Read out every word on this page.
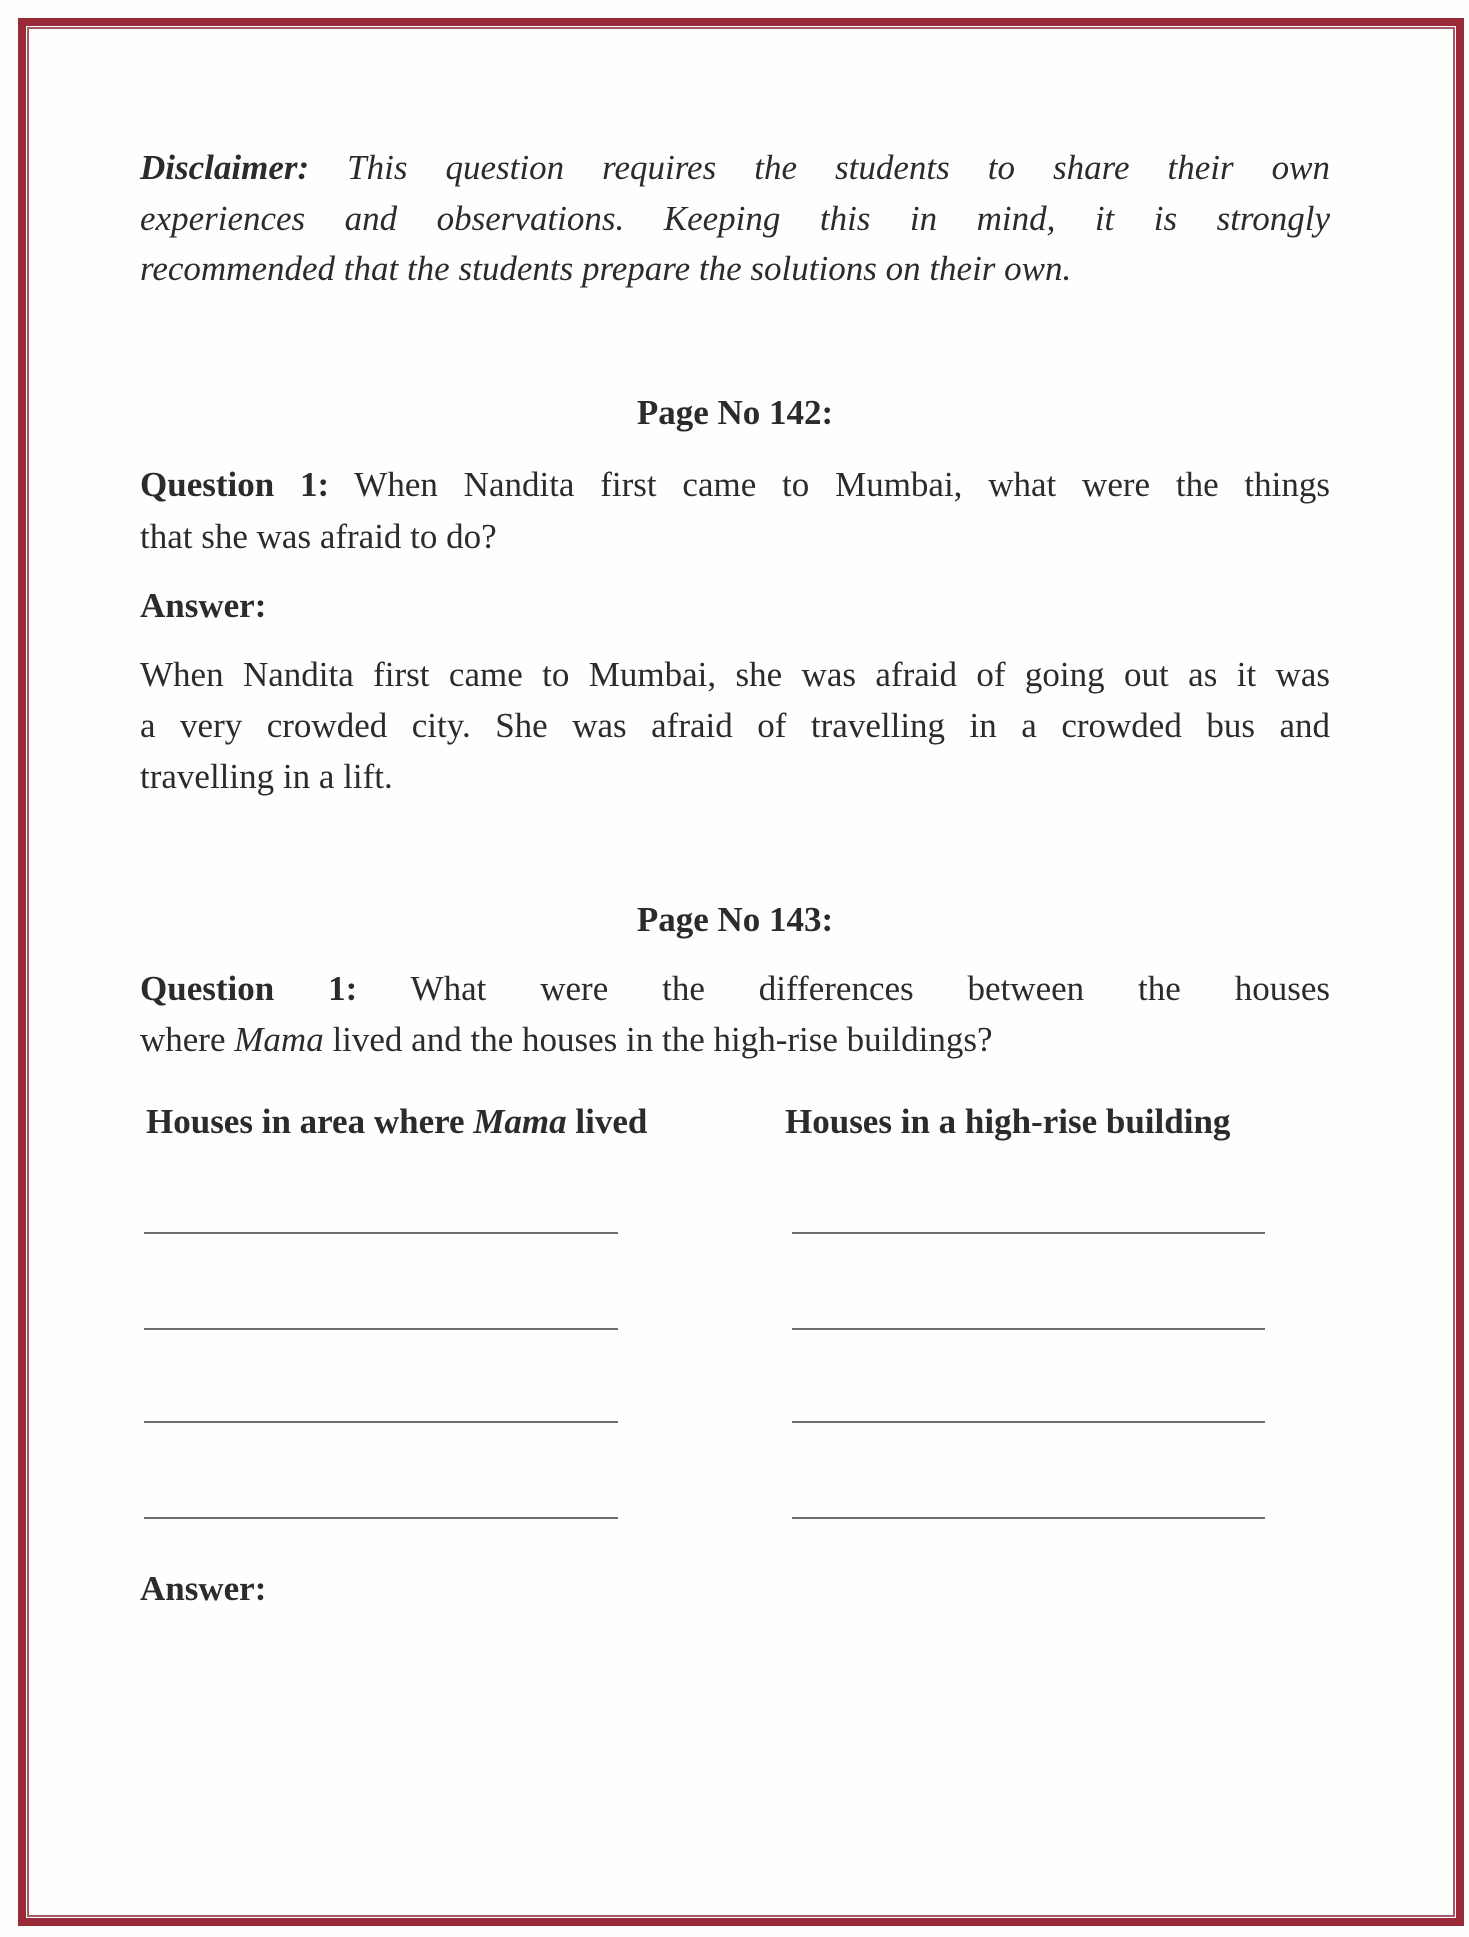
Disclaimer: This question requires the students to share their own
experiences and observations. Keeping this in mind, it is strongly
recommended that the students prepare the solutions on their own.
Page No 142:
Question 1: When Nandita first came to Mumbai, what were the things
that she was afraid to do?
Answer:
When Nandita first came to Mumbai, she was afraid of going out as it was
a very crowded city. She was afraid of travelling in a crowded bus and
travelling in a lift.
Page No 143:
Question 1: What were the differences between the houses
where Mama lived and the houses in the high-rise buildings?
Houses in area where Mama lived	Houses in a high-rise building
Answer:
